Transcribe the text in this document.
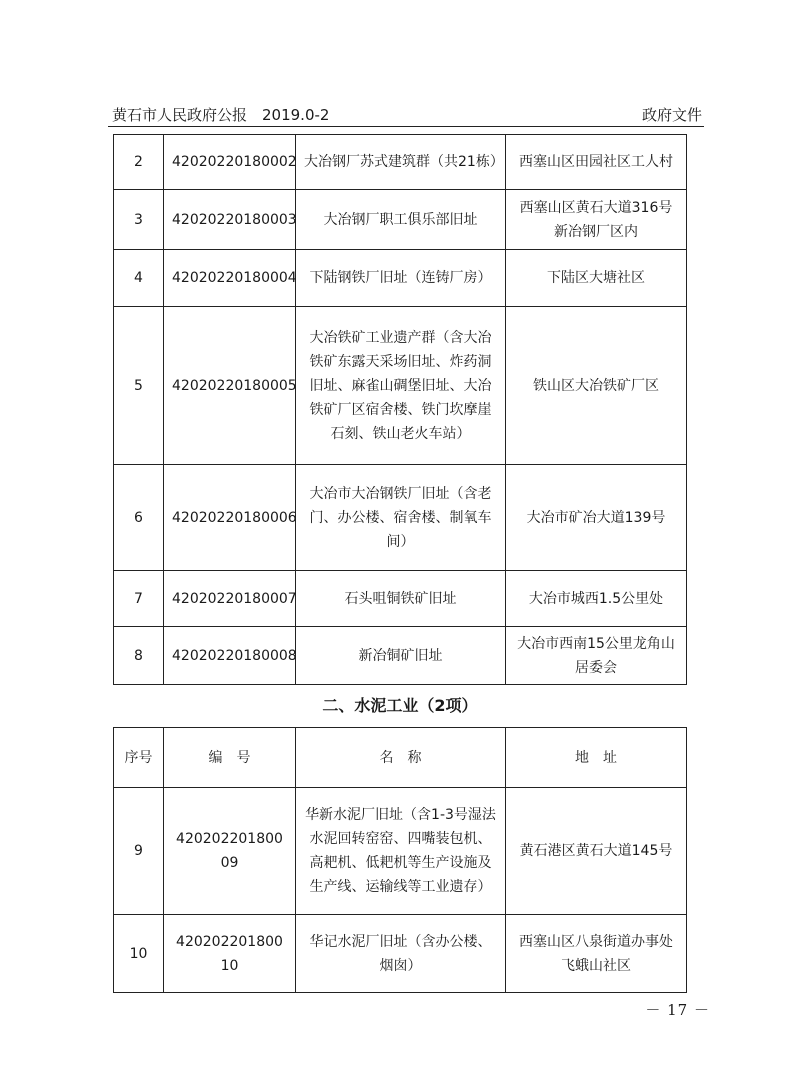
黄石市人民政府公报　2019.0-2	政府文件
2	42020220180002	大冶钢厂苏式建筑群（共21栋）	西塞山区田园社区工人村
3	42020220180003	大冶钢厂职工俱乐部旧址	西塞山区黄石大道316号新冶钢厂区内
4	42020220180004	下陆钢铁厂旧址（连铸厂房）	下陆区大塘社区
5	42020220180005	大冶铁矿工业遗产群（含大冶铁矿东露天采场旧址、炸药洞旧址、麻雀山碉堡旧址、大冶铁矿厂区宿舍楼、铁门坎摩崖石刻、铁山老火车站）	铁山区大冶铁矿厂区
6	42020220180006	大冶市大冶钢铁厂旧址（含老门、办公楼、宿舍楼、制氧车间）	大冶市矿冶大道139号
7	42020220180007	石头咀铜铁矿旧址	大冶市城西1.5公里处
8	42020220180008	新冶铜矿旧址	大冶市西南15公里龙角山居委会
二、水泥工业（2项）
序号	编　号	名　称	地　址
9	42020220180009	华新水泥厂旧址（含1-3号湿法水泥回转窑窑、四嘴装包机、高耙机、低耙机等生产设施及生产线、运输线等工业遗存）	黄石港区黄石大道145号
10	42020220180010	华记水泥厂旧址（含办公楼、烟囱）	西塞山区八泉街道办事处飞蛾山社区
－ 17 －
